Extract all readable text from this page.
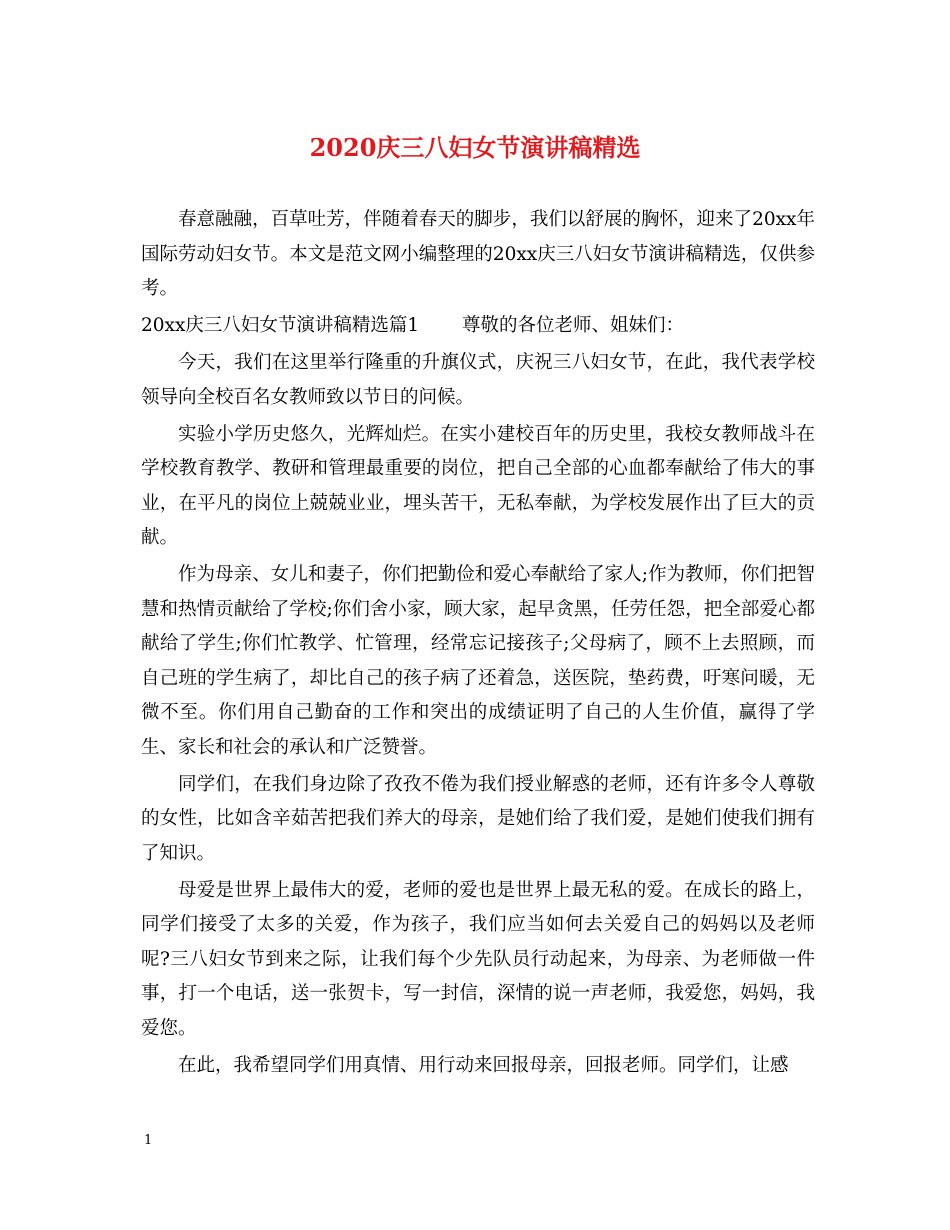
2020庆三八妇女节演讲稿精选

春意融融，百草吐芳，伴随着春天的脚步，我们以舒展的胸怀，迎来了20xx年国际劳动妇女节。本文是范文网小编整理的20xx庆三八妇女节演讲稿精选，仅供参考。

20xx庆三八妇女节演讲稿精选篇1　　 尊敬的各位老师、姐妹们：

今天，我们在这里举行隆重的升旗仪式，庆祝三八妇女节，在此，我代表学校领导向全校百名女教师致以节日的问候。

实验小学历史悠久，光辉灿烂。在实小建校百年的历史里，我校女教师战斗在学校教育教学、教研和管理最重要的岗位，把自己全部的心血都奉献给了伟大的事业，在平凡的岗位上兢兢业业，埋头苦干，无私奉献，为学校发展作出了巨大的贡献。

作为母亲、女儿和妻子，你们把勤俭和爱心奉献给了家人;作为教师，你们把智慧和热情贡献给了学校;你们舍小家，顾大家，起早贪黑，任劳任怨，把全部爱心都献给了学生;你们忙教学、忙管理，经常忘记接孩子;父母病了，顾不上去照顾，而自己班的学生病了，却比自己的孩子病了还着急，送医院，垫药费，吁寒问暖，无微不至。你们用自己勤奋的工作和突出的成绩证明了自己的人生价值，赢得了学生、家长和社会的承认和广泛赞誉。

同学们，在我们身边除了孜孜不倦为我们授业解惑的老师，还有许多令人尊敬的女性，比如含辛茹苦把我们养大的母亲，是她们给了我们爱，是她们使我们拥有了知识。

母爱是世界上最伟大的爱，老师的爱也是世界上最无私的爱。在成长的路上，同学们接受了太多的关爱，作为孩子，我们应当如何去关爱自己的妈妈以及老师呢?三八妇女节到来之际，让我们每个少先队员行动起来，为母亲、为老师做一件事，打一个电话，送一张贺卡，写一封信，深情的说一声老师，我爱您，妈妈，我爱您。

在此，我希望同学们用真情、用行动来回报母亲，回报老师。同学们，让感

1
